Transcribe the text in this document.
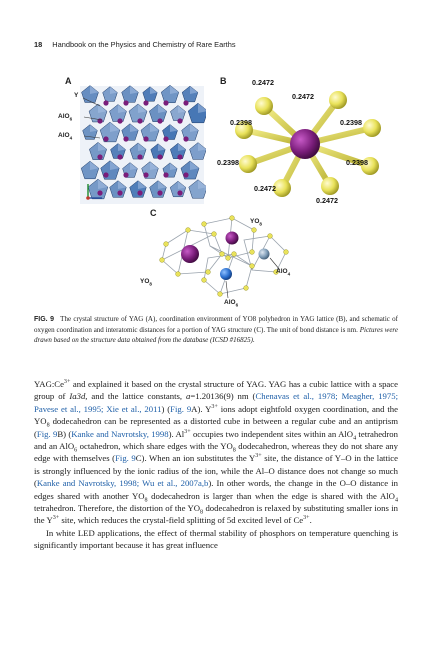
18 Handbook on the Physics and Chemistry of Rare Earths
A
Y
AlO$_6$
AlO$_4$
B	0.2472
0.2472
0.2398	0.2398
0.2398	0.2398
0.2472
0.2472
C
$YO_8$
$YO_8$
AlO$_4$
AlO$_6$
FIG. 9 The crystal structure of YAG (A), coordination environment of YO8 polyhedron in YAG lattice (B), and schematic of oxygen coordination and interatomic distances for a portion of YAG structure (C). The unit of bond distance is nm. Pictures were drawn based on the structure data obtained from the database (ICSD #16825).

$YAG:Ce^{3+}$ and explained it based on the crystal structure of YAG. YAG has a cubic lattice with a space group of Ia3d, and the lattice constants, a=1.20136(9) nm (Chenavas et al., 1978; Meagher, 1975; Pavese et al., 1995; Xie et al., 2011) (Fig. 9A). $Y^{3+}$ ions adopt eightfold oxygen coordination, and the $YO_8$ dodecahedron can be represented as a distorted cube in between a regular cube and an antiprism (Fig. 9B) (Kanke and Navrotsky, 1998). $Al^{3+}$ occupies two independent sites within an AlO$_4$ tetrahedron and an AlO$_6$ octahedron, which share edges with the $YO_8$ dodecahedron, whereas they do not share any edge with themselves (Fig. 9C). When an ion substitutes the $Y^{3+}$ site, the distance of Y–O in the lattice is strongly influenced by the ionic radius of the ion, while the Al–O distance does not change so much (Kanke and Navrotsky, 1998; Wu et al., 2007a,b). In other words, the change in the O–O distance in edges shared with another $YO_8$ dodecahedron is larger than when the edge is shared with the AlO$_4$ tetrahedron. Therefore, the distortion of the $YO_8$ dodecahedron is relaxed by substituting smaller ions in the $Y^{3+}$ site, which reduces the crystal-field splitting of 5d excited level of $Ce^{3+}$.

In white LED applications, the effect of thermal stability of phosphors on temperature quenching is significantly important because it has great influence
